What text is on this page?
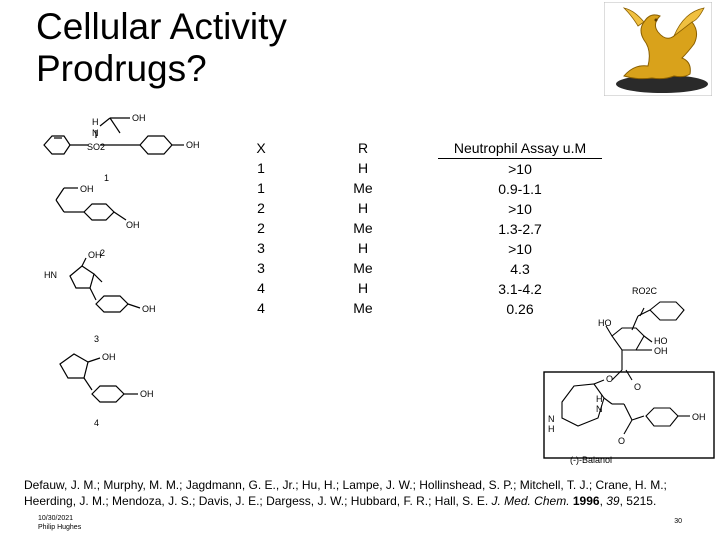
Cellular Activity
Prodrugs?
H
N
SO2
OH
OH
1
OH
OH
2
HN
OH
OH
3
OH
OH
4
X
1
1
2
2
3
3
4
4
R
H
Me
H
Me
H
Me
H
Me
Neutrophil Assay u.M
>10
0.9-1.1
>10
1.3-2.7
>10
4.3
3.1-4.2
0.26
RO2C
HO
HO
OH
O
O
H
N
N
H
O
OH
(-)-Balanol
Defauw, J. M.; Murphy, M. M.; Jagdmann, G. E., Jr.; Hu, H.; Lampe, J. W.; Hollinshead, S. P.; Mitchell, T. J.; Crane, H. M.; Heerding, J. M.; Mendoza, J. S.; Davis, J. E.; Dargess, J. W.; Hubbard, F. R.; Hall, S. E. J. Med. Chem. 1996, 39, 5215.
10/30/2021
Philip Hughes
30
